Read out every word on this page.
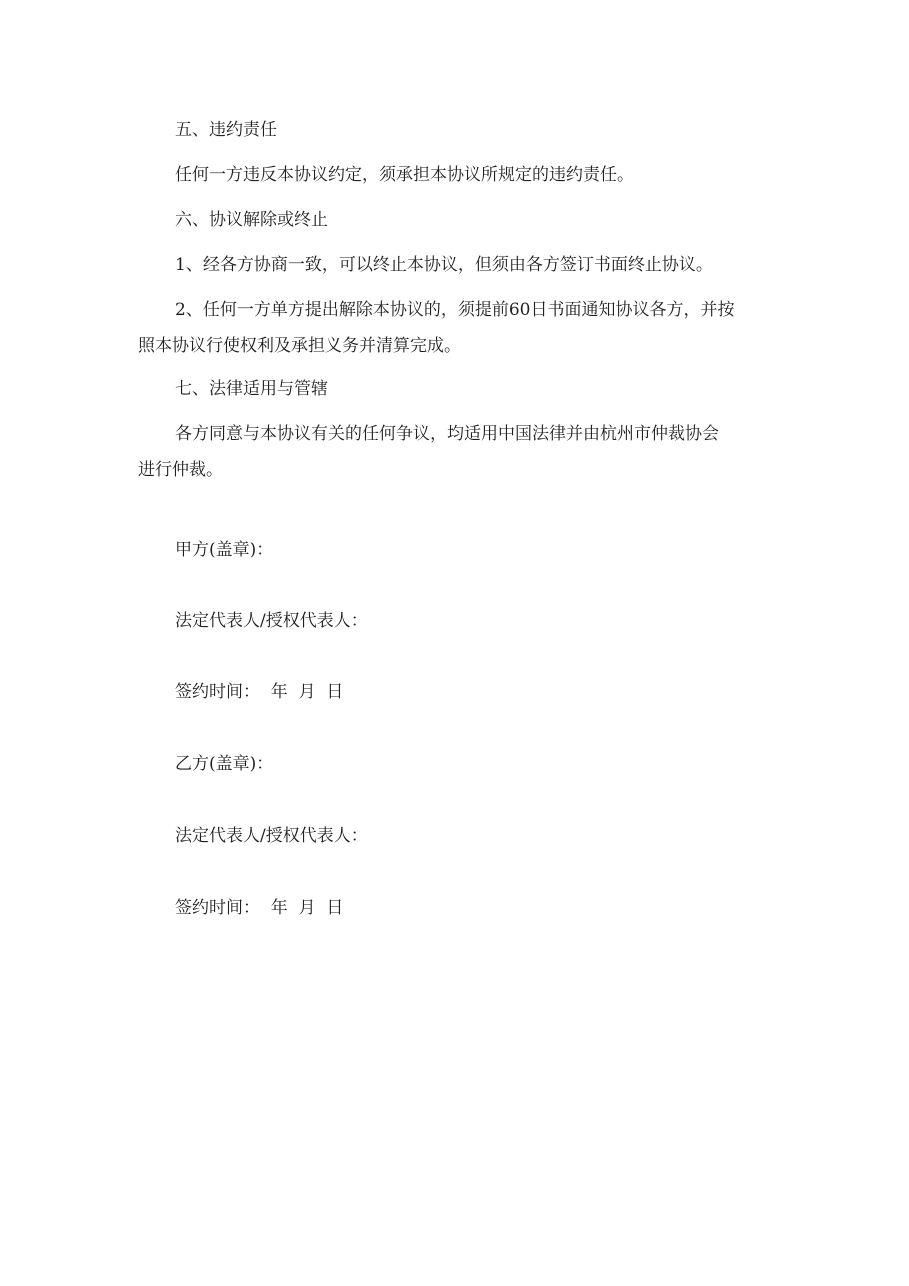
五、违约责任
任何一方违反本协议约定，须承担本协议所规定的违约责任。
六、协议解除或终止
1、经各方协商一致，可以终止本协议，但须由各方签订书面终止协议。
2、任何一方单方提出解除本协议的，须提前60日书面通知协议各方，并按
照本协议行使权利及承担义务并清算完成。
七、法律适用与管辖
各方同意与本协议有关的任何争议，均适用中国法律并由杭州市仲裁协会
进行仲裁。
甲方(盖章)：
法定代表人/授权代表人：
签约时间：  年  月  日
乙方(盖章)：
法定代表人/授权代表人：
签约时间：  年  月  日
